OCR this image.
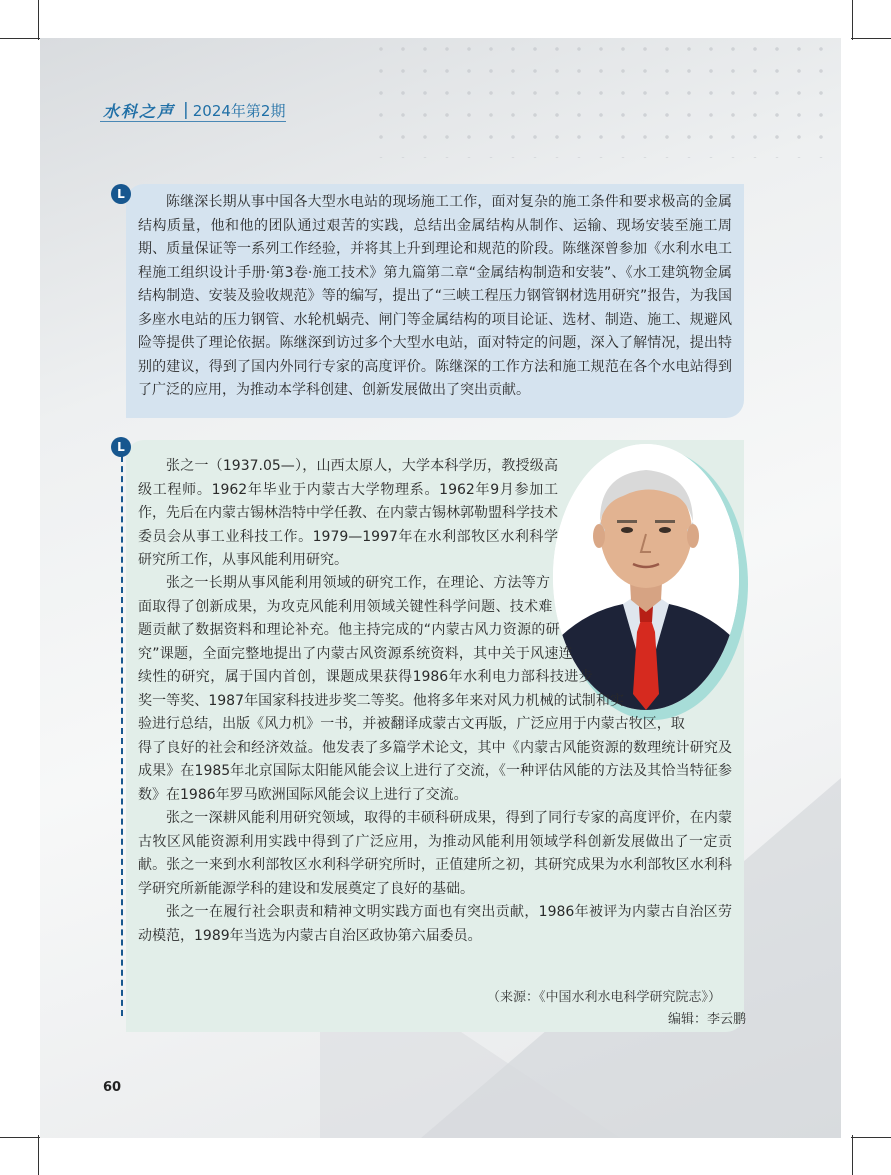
水科之声 | 2024年第2期
L	陈继深长期从事中国各大型水电站的现场施工工作，面对复杂的施工条件和要求极高的金属结构质量，他和他的团队通过艰苦的实践，总结出金属结构从制作、运输、现场安装至施工周期、质量保证等一系列工作经验，并将其上升到理论和规范的阶段。陈继深曾参加《水利水电工 程施工组织设计手册·第3卷·施工技术》第九篇第二章“金属结构制造和安装”、《水工建筑物金属结构制造、安装及验收规范》等的编写，提出了“三峡工程压力钢管钢材选用研究”报告，为我国多座水电站的压力钢管、水轮机蜗壳、闸门等金属结构的项目论证、选材、制造、施工、规避风险等提供了理论依据。陈继深到访过多个大型水电站，面对特定的问题，深入了解情况，提出特别的建议，得到了国内外同行专家的高度评价。陈继深的工作方法和施工规范在各个水电站得到了广泛的应用，为推动本学科创建、创新发展做出了突出贡献。

L

张之一（1937.05—），山西太原人，大学本科学历，教授级高级工程师。1962年毕业于内蒙古大学物理系。1962年9月参加工作，先后在内蒙古锡林浩特中学任教、在内蒙古锡林郭勒盟科学技术委员会从事工业科技工作。1979—1997年在水利部牧区水利科学研究所工作，从事风能利用研究。

张之一长期从事风能利用领域的研究工作，在理论、方法等方面取得了创新成果，为攻克风能利用领域关键性科学问题、技术难题贡献了数据资料和理论补充。他主持完成的“内蒙古风力资源的研究”课题，全面完整地提出了内蒙古风资源系统资料，其中关于风速连续性的研究，属于国内首创，课题成果获得1986年水利电力部科技进步奖一等奖、1987年国家科技进步奖二等奖。他将多年来对风力机械的试制和实验进行总结，出版《风力机》一书，并被翻译成蒙古文再版，广泛应用于内蒙古牧区，取得了良好的社会和经济效益。他发表了多篇学术论文，其中《内蒙古风能资源的数理统计研究及成果》在1985年北京国际太阳能风能会议上进行了交流，《一种评估风能的方法及其恰当特征参数》在1986年罗马欧洲国际风能会议上进行了交流。

张之一深耕风能利用研究领域，取得的丰硕科研成果，得到了同行专家的高度评价，在内蒙古牧区风能资源利用实践中得到了广泛应用，为推动风能利用领域学科创新发展做出了一定贡献。张之一来到水利部牧区水利科学研究所时，正值建所之初，其研究成果为水利部牧区水利科学研究所新能源学科的建设和发展奠定了良好的基础。

张之一在履行社会职责和精神文明实践方面也有突出贡献，1986年被评为内蒙古自治区劳动模范，1989年当选为内蒙古自治区政协第六届委员。

（来源：《中国水利水电科学研究院志》）
编辑：李云鹏
60
